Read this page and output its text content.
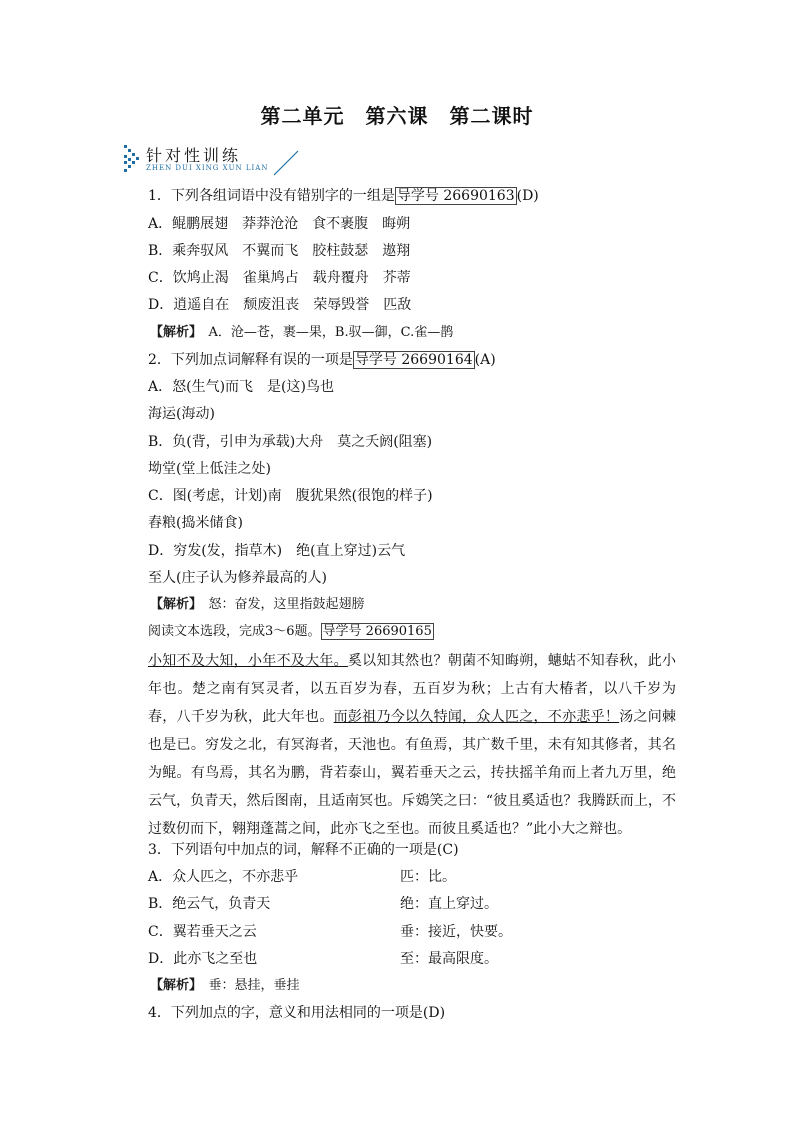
第二单元　第六课　第二课时
针对性训练
ZHEN DUI XING XUN LIAN
1．下列各组词语中没有错别字的一组是 导学号 26690163 (D)
A．鲲鹏展翅　莽莽沧沧　食不裹腹　晦朔
B．乘奔驭风　不翼而飞　胶柱鼓瑟　遨翔
C．饮鸠止渴　雀巢鸠占　载舟覆舟　芥蒂
D．逍遥自在　颓废沮丧　荣辱毁誉　匹敌
【解析】　 A．沧—苍，裹—果，B.驭—御，C.雀—鹊
2．下列加点词解释有误的一项是 导学号 26690164 (A)
A．怒(生气)而飞　是(这)鸟也
海运(海动)
B．负(背，引申为承载)大舟　莫之夭阏(阻塞)
坳堂(堂上低洼之处)
C．图(考虑，计划)南　腹犹果然(很饱的样子)
舂粮(捣米储食)
D．穷发(发，指草木)　绝(直上穿过)云气
至人(庄子认为修养最高的人)
【解析】　 怒：奋发，这里指鼓起翅膀
阅读文本选段，完成3～6题。 导学号 26690165
小知不及大知，小年不及大年。奚以知其然也？朝菌不知晦朔，蟪蛄不知春秋，此小年也。楚之南有冥灵者，以五百岁为春，五百岁为秋；上古有大椿者，以八千岁为春，八千岁为秋，此大年也。而彭祖乃今以久特闻，众人匹之，不亦悲乎！汤之问棘也是已。穷发之北，有冥海者，天池也。有鱼焉，其广数千里，未有知其修者，其名为鲲。有鸟焉，其名为鹏，背若泰山，翼若垂天之云，抟扶摇羊角而上者九万里，绝云气，负青天，然后图南，且适南冥也。斥鴳笑之曰：“彼且奚适也？我腾跃而上，不过数仞而下，翱翔蓬蒿之间，此亦飞之至也。而彼且奚适也？”此小大之辩也。
3．下列语句中加点的词，解释不正确的一项是(C)
A．众人匹之，不亦悲乎	匹：比。
B．绝云气，负青天	绝：直上穿过。
C．翼若垂天之云	垂：接近，快要。
D．此亦飞之至也	至：最高限度。
【解析】　 垂：悬挂，垂挂
4．下列加点的字，意义和用法相同的一项是(D)
